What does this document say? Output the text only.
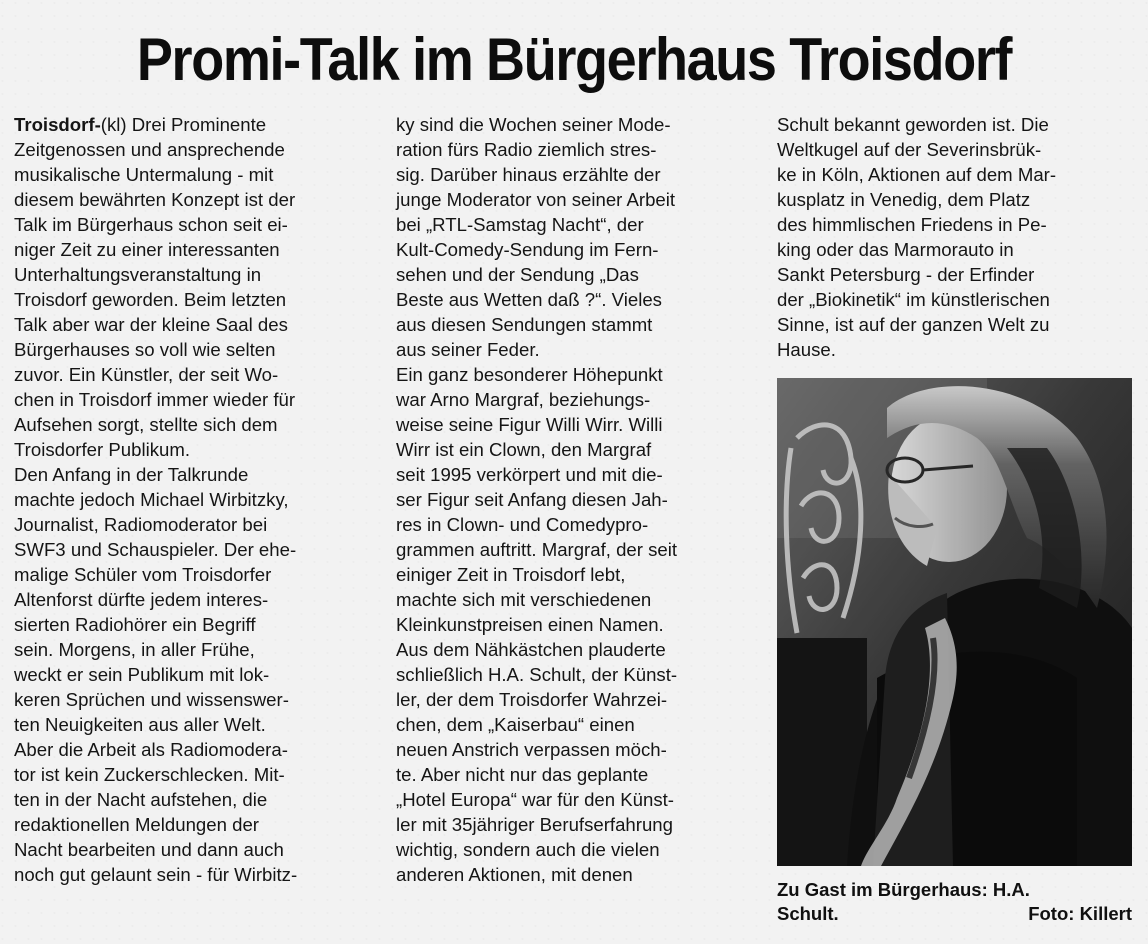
Promi-Talk im Bürgerhaus Troisdorf

Troisdorf-(kl) Drei Prominente
Zeitgenossen und ansprechende
musikalische Untermalung - mit
diesem bewährten Konzept ist der
Talk im Bürgerhaus schon seit ei-
niger Zeit zu einer interessanten
Unterhaltungsveranstaltung in
Troisdorf geworden. Beim letzten
Talk aber war der kleine Saal des
Bürgerhauses so voll wie selten
zuvor. Ein Künstler, der seit Wo-
chen in Troisdorf immer wieder für
Aufsehen sorgt, stellte sich dem
Troisdorfer Publikum.

Den Anfang in der Talkrunde
machte jedoch Michael Wirbitzky,
Journalist, Radiomoderator bei
SWF3 und Schauspieler. Der ehe-
malige Schüler vom Troisdorfer
Altenforst dürfte jedem interes-
sierten Radiohörer ein Begriff
sein. Morgens, in aller Frühe,
weckt er sein Publikum mit lok-
keren Sprüchen und wissenswer-
ten Neuigkeiten aus aller Welt.
Aber die Arbeit als Radiomodera-
tor ist kein Zuckerschlecken. Mit-
ten in der Nacht aufstehen, die
redaktionellen Meldungen der
Nacht bearbeiten und dann auch
noch gut gelaunt sein - für Wirbitz-

ky sind die Wochen seiner Mode-
ration fürs Radio ziemlich stres-
sig. Darüber hinaus erzählte der
junge Moderator von seiner Arbeit
bei „RTL-Samstag Nacht“, der
Kult-Comedy-Sendung im Fern-
sehen und der Sendung „Das
Beste aus Wetten daß ?“. Vieles
aus diesen Sendungen stammt
aus seiner Feder.

Ein ganz besonderer Höhepunkt
war Arno Margraf, beziehungs-
weise seine Figur Willi Wirr. Willi
Wirr ist ein Clown, den Margraf
seit 1995 verkörpert und mit die-
ser Figur seit Anfang diesen Jah-
res in Clown- und Comedypro-
grammen auftritt. Margraf, der seit
einiger Zeit in Troisdorf lebt,
machte sich mit verschiedenen
Kleinkunstpreisen einen Namen.
Aus dem Nähkästchen plauderte
schließlich H.A. Schult, der Künst-
ler, der dem Troisdorfer Wahrzei-
chen, dem „Kaiserbau“ einen
neuen Anstrich verpassen möch-
te. Aber nicht nur das geplante
„Hotel Europa“ war für den Künst-
ler mit 35jähriger Berufserfahrung
wichtig, sondern auch die vielen
anderen Aktionen, mit denen

Schult bekannt geworden ist. Die
Weltkugel auf der Severinsbrük-
ke in Köln, Aktionen auf dem Mar-
kusplatz in Venedig, dem Platz
des himmlischen Friedens in Pe-
king oder das Marmorauto in
Sankt Petersburg - der Erfinder
der „Biokinetik“ im künstlerischen
Sinne, ist auf der ganzen Welt zu
Hause.

Zu Gast im Bürgerhaus: H.A.
Schult.	Foto: Killert
